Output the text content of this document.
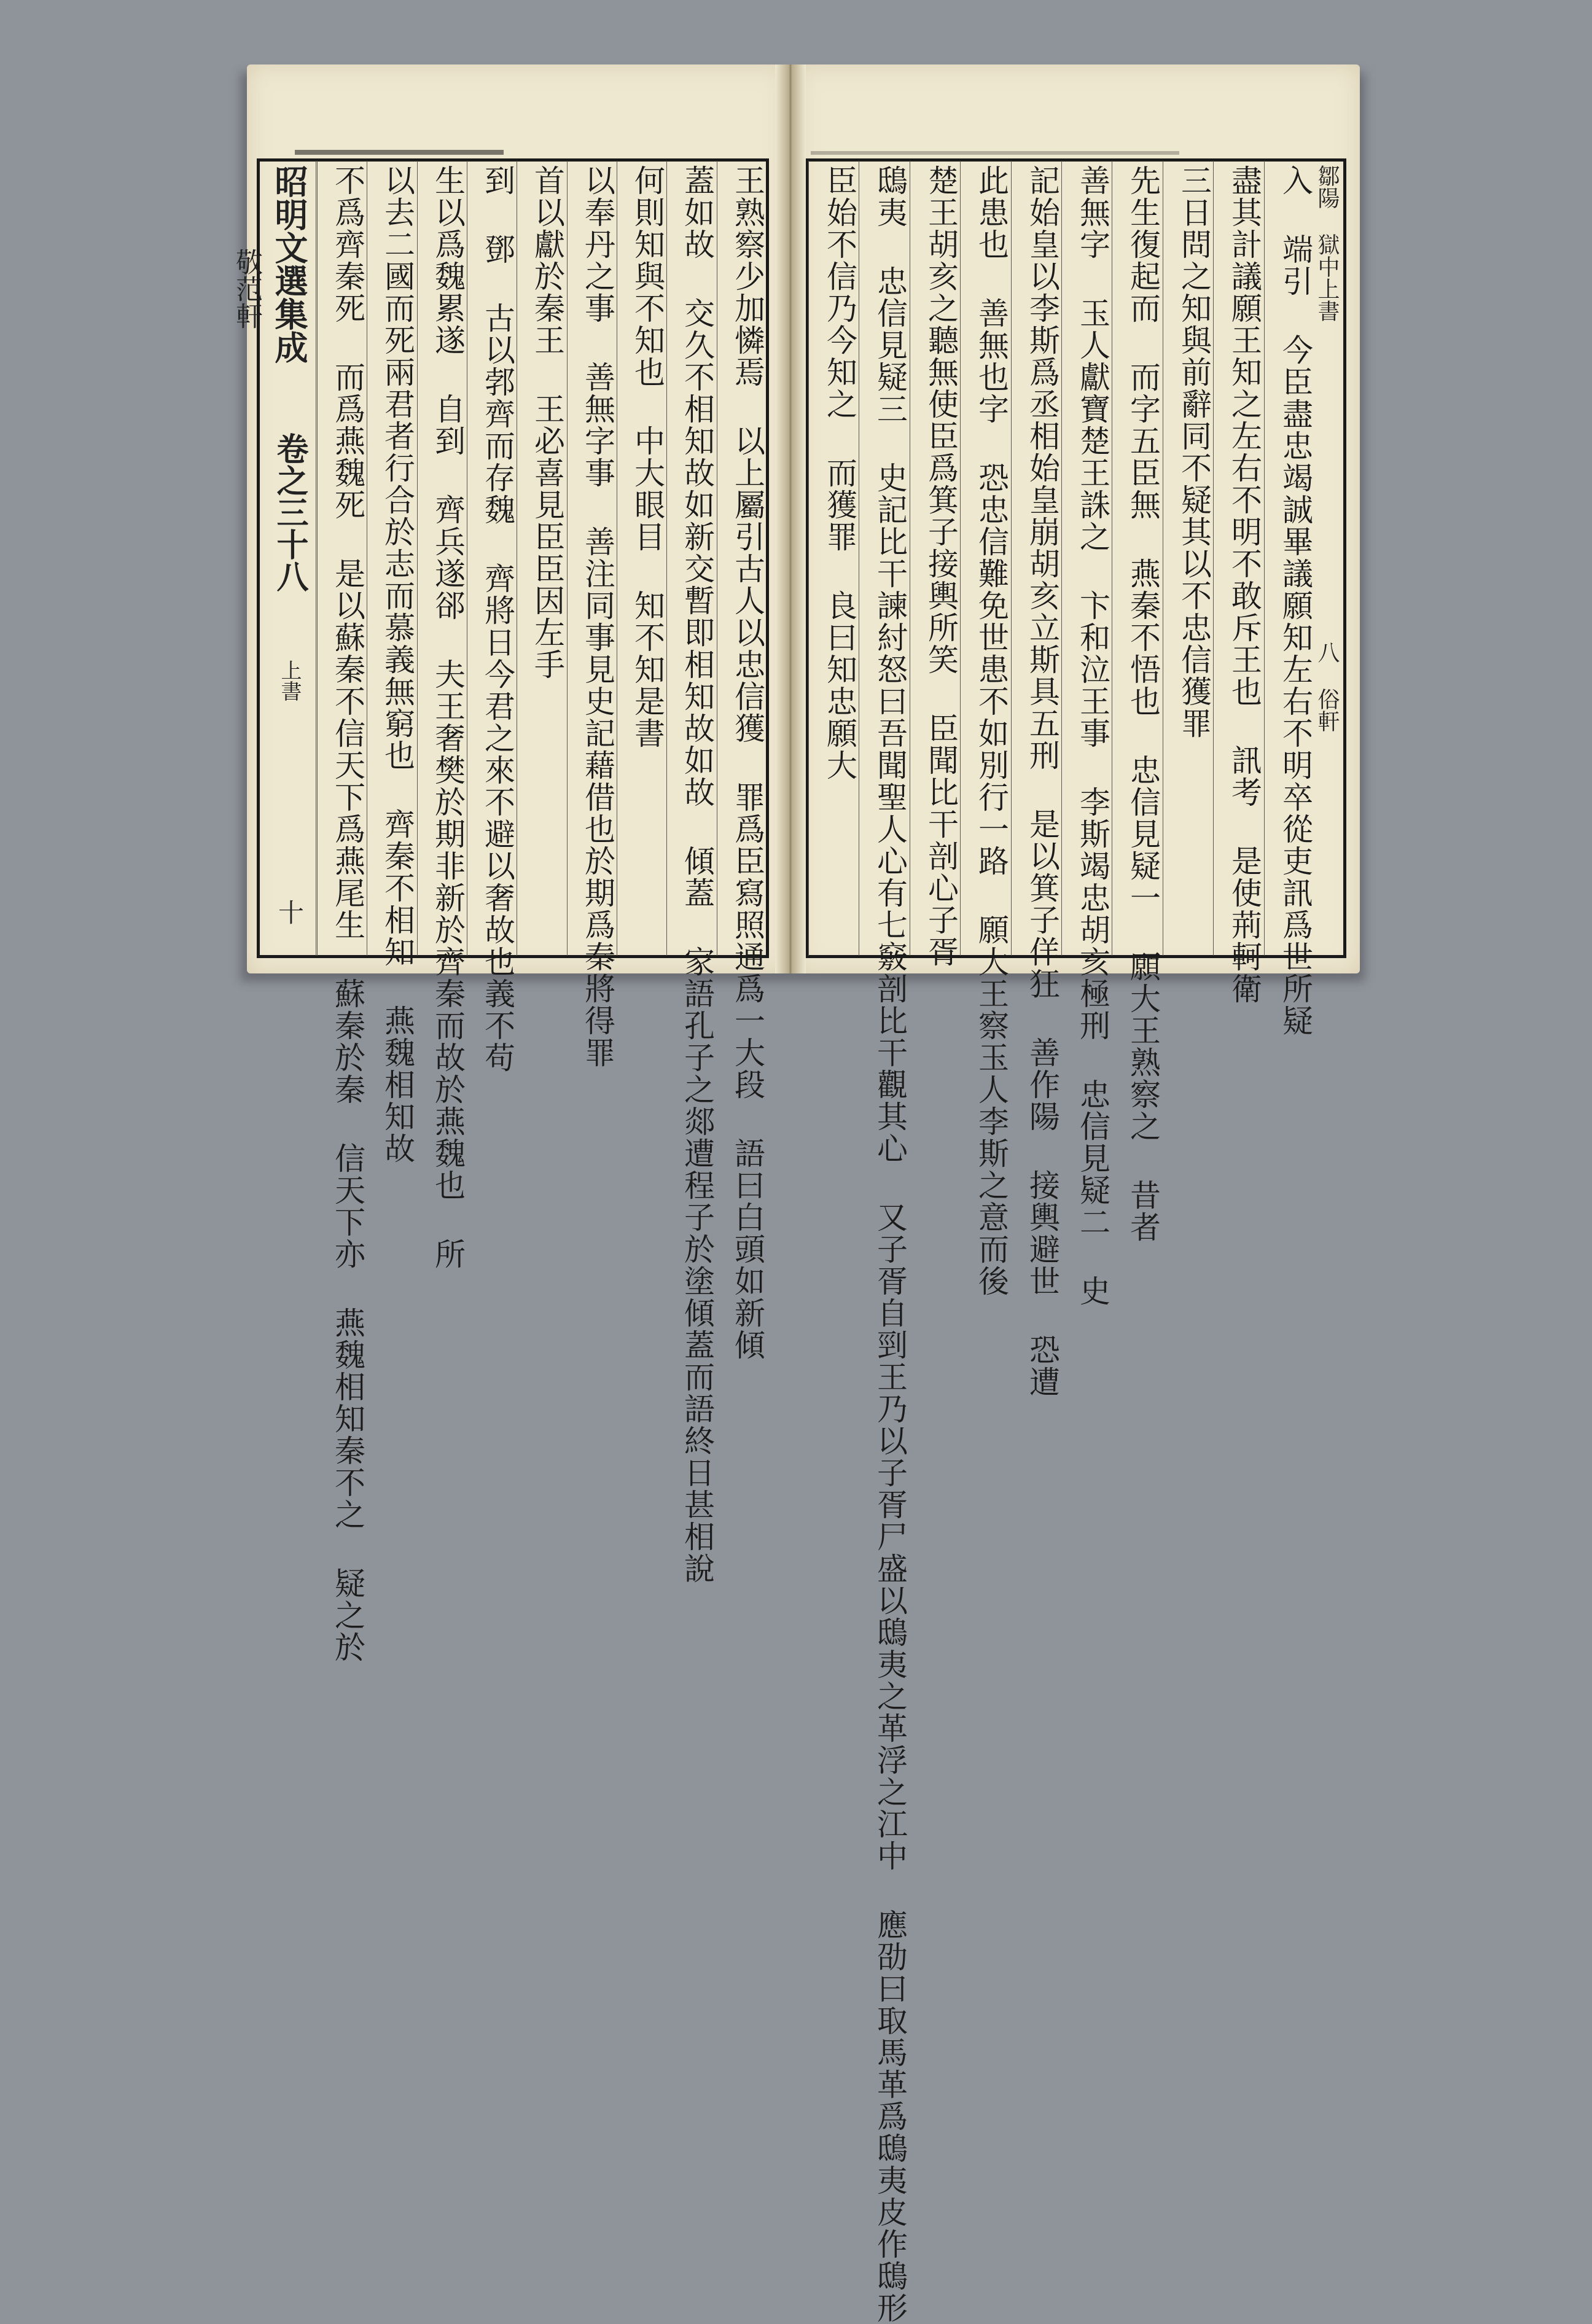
王熟察少加憐焉 以上屬引古人以忠信獲 罪爲臣寫照通爲一大段 語曰白頭如新傾
蓋如故 交久不相知故如新交暫即相知故如故 傾蓋 家語孔子之郯遭程子於塗傾蓋而語終日甚相說
何則知與不知也 中大眼目 知不知是書
以奉丹之事 善無字事 善注同事見史記藉借也於期爲秦將得罪
首以獻於秦王 王必喜見臣臣因左手
到 鄧 古以郣齊而存魏 齊將日今君之來不避以奢故也義不苟
生以爲魏累遂 自到 齊兵遂郤 夫王奢樊於期非新於齊秦而故於燕魏也 所
以去二國而死兩君者行合於志而慕義無窮也 齊秦不相知 燕魏相知故
不爲齊秦死 而爲燕魏死 是以蘇秦不信天下爲燕尾生 蘇秦於秦 信天下亦 燕魏相知秦不之 疑之於
昭明文選集成  卷之三十八  上書  十  敬范軒	入 端引 今臣盡忠竭誠畢議願知左右不明卒從吏訊爲世所疑
盡其計議願王知之左右不明不敢斥王也 訊考 是使荊軻衛
三日問之知與前辭同不疑其以不忠信獲罪
先生復起而 而字五臣無 燕秦不悟也 忠信見疑一 願大王熟察之 昔者
善無字 玉人獻寶楚王誅之 卞和泣王事 李斯竭忠胡亥極刑 忠信見疑二 史
記始皇以李斯爲丞相始皇崩胡亥立斯具五刑 是以箕子佯狂 善作陽 接輿避世 恐遭
此患也 善無也字 恐忠信難免世患不如別行一路 願大王察玉人李斯之意而後
楚王胡亥之聽無使臣爲箕子接輿所笑 臣聞比干剖心子胥
鴟夷 忠信見疑三 史記比干諫紂怒曰吾聞聖人心有七竅剖比干觀其心 又子胥自剄王乃以子胥尸盛以鴟夷之革浮之江中 應劭曰取馬革爲鴟夷皮作鴟形
臣始不信乃今知之 而獲罪 良曰知忠願大	鄒陽獄中上書八俗軒
